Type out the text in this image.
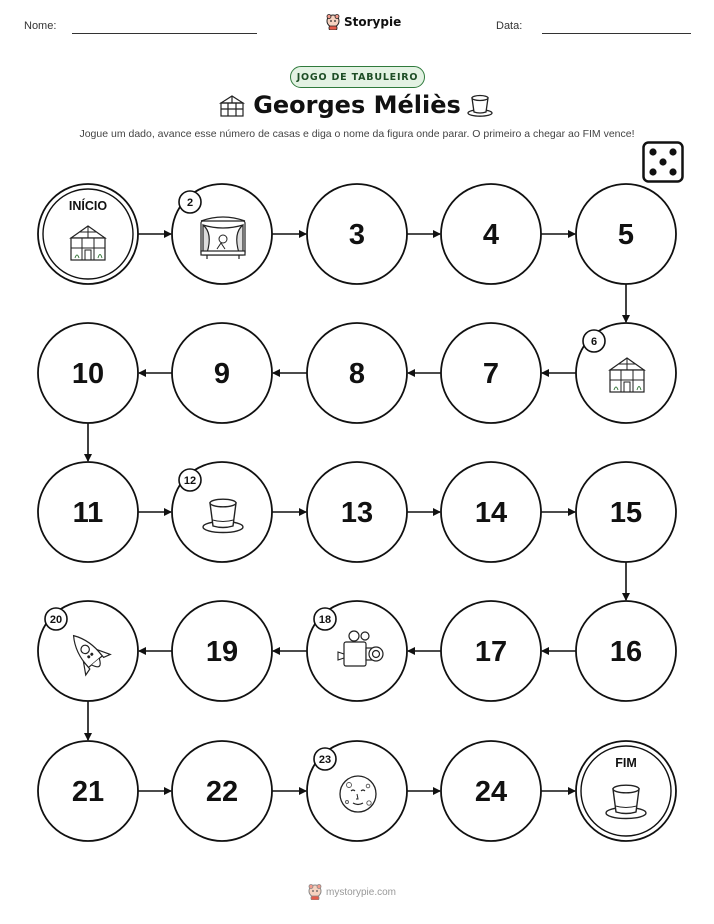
Nome:	Storypie	Data:
JOGO DE TABULEIRO
Georges Méliès
Jogue um dado, avance esse número de casas e diga o nome da figura onde parar. O primeiro a chegar ao FIM vence!
INÍCIO	2
3	4	5
6
7
8
9
10
11
12
13	14	15
16
17
18
19
20
21	22
23
24
FIM
mystorypie.com
